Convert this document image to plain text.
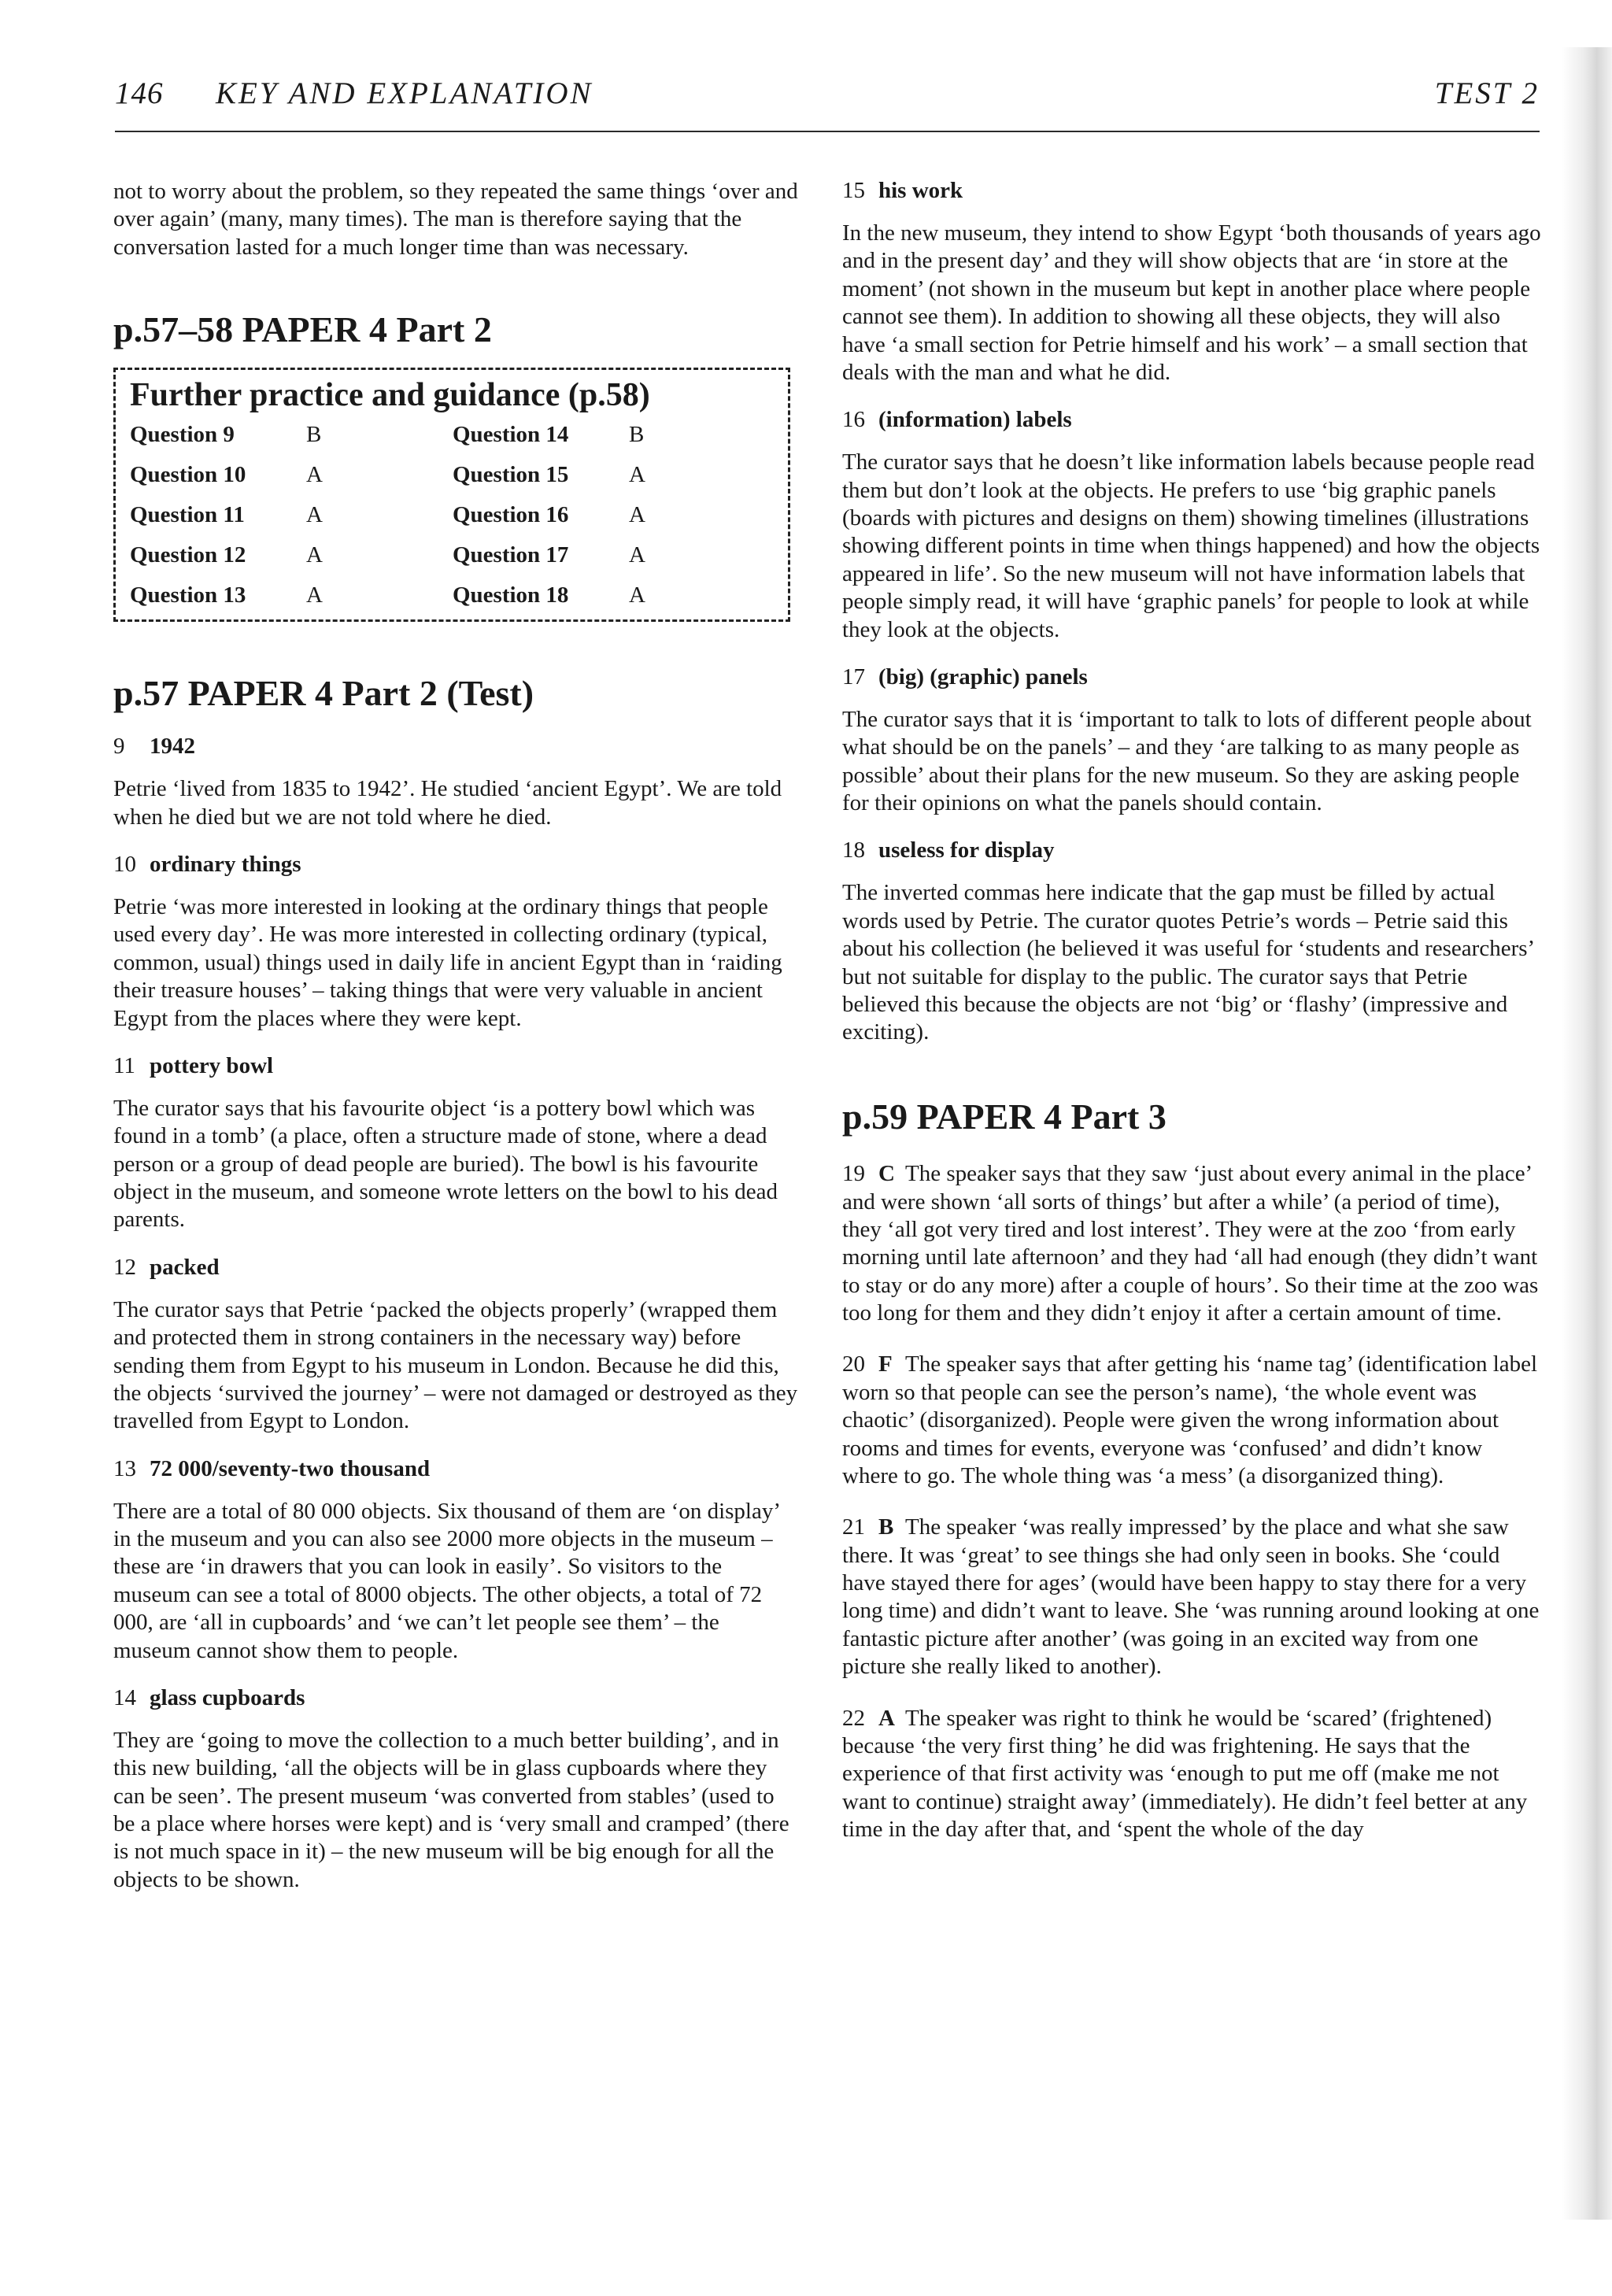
146 KEY AND EXPLANATION	TEST 2

not to worry about the problem, so they repeated the same things ‘over and over again’ (many, many times). The man is therefore saying that the conversation lasted for a much longer time than was necessary.

p.57–58 PAPER 4 Part 2
Further practice and guidance (p.58)
Question 9	B	Question 14	B
Question 10	A	Question 15	A
Question 11	A	Question 16	A
Question 12	A	Question 17	A
Question 13	A	Question 18	A
p.57 PAPER 4 Part 2 (Test)
9 1942

Petrie ‘lived from 1835 to 1942’. He studied ‘ancient Egypt’. We are told when he died but we are not told where he died.

10 ordinary things

Petrie ‘was more interested in looking at the ordinary things that people used every day’. He was more interested in collecting ordinary (typical, common, usual) things used in daily life in ancient Egypt than in ‘raiding their treasure houses’ – taking things that were very valuable in ancient Egypt from the places where they were kept.

11 pottery bowl

The curator says that his favourite object ‘is a pottery bowl which was found in a tomb’ (a place, often a structure made of stone, where a dead person or a group of dead people are buried). The bowl is his favourite object in the museum, and someone wrote letters on the bowl to his dead parents.

12 packed

The curator says that Petrie ‘packed the objects properly’ (wrapped them and protected them in strong containers in the necessary way) before sending them from Egypt to his museum in London. Because he did this, the objects ‘survived the journey’ – were not damaged or destroyed as they travelled from Egypt to London.

13 72 000/seventy-two thousand

There are a total of 80 000 objects. Six thousand of them are ‘on display’ in the museum and you can also see 2000 more objects in the museum – these are ‘in drawers that you can look in easily’. So visitors to the museum can see a total of 8000 objects. The other objects, a total of 72 000, are ‘all in cupboards’ and ‘we can’t let people see them’ – the museum cannot show them to people.

14 glass cupboards

They are ‘going to move the collection to a much better building’, and in this new building, ‘all the objects will be in glass cupboards where they can be seen’. The present museum ‘was converted from stables’ (used to be a place where horses were kept) and is ‘very small and cramped’ (there is not much space in it) – the new museum will be big enough for all the objects to be shown.

15 his work

In the new museum, they intend to show Egypt ‘both thousands of years ago and in the present day’ and they will show objects that are ‘in store at the moment’ (not shown in the museum but kept in another place where people cannot see them). In addition to showing all these objects, they will also have ‘a small section for Petrie himself and his work’ – a small section that deals with the man and what he did.

16 (information) labels

The curator says that he doesn’t like information labels because people read them but don’t look at the objects. He prefers to use ‘big graphic panels (boards with pictures and designs on them) showing timelines (illustrations showing different points in time when things happened) and how the objects appeared in life’. So the new museum will not have information labels that people simply read, it will have ‘graphic panels’ for people to look at while they look at the objects.

17 (big) (graphic) panels

The curator says that it is ‘important to talk to lots of different people about what should be on the panels’ – and they ‘are talking to as many people as possible’ about their plans for the new museum. So they are asking people for their opinions on what the panels should contain.

18 useless for display

The inverted commas here indicate that the gap must be filled by actual words used by Petrie. The curator quotes Petrie’s words – Petrie said this about his collection (he believed it was useful for ‘students and researchers’ but not suitable for display to the public. The curator says that Petrie believed this because the objects are not ‘big’ or ‘flashy’ (impressive and exciting).

p.59 PAPER 4 Part 3

19 C The speaker says that they saw ‘just about every animal in the place’ and were shown ‘all sorts of things’ but after a while’ (a period of time), they ‘all got very tired and lost interest’. They were at the zoo ‘from early morning until late afternoon’ and they had ‘all had enough (they didn’t want to stay or do any more) after a couple of hours’. So their time at the zoo was too long for them and they didn’t enjoy it after a certain amount of time.

20 F The speaker says that after getting his ‘name tag’ (identification label worn so that people can see the person’s name), ‘the whole event was chaotic’ (disorganized). People were given the wrong information about rooms and times for events, everyone was ‘confused’ and didn’t know where to go. The whole thing was ‘a mess’ (a disorganized thing).

21 B The speaker ‘was really impressed’ by the place and what she saw there. It was ‘great’ to see things she had only seen in books. She ‘could have stayed there for ages’ (would have been happy to stay there for a very long time) and didn’t want to leave. She ‘was running around looking at one fantastic picture after another’ (was going in an excited way from one picture she really liked to another).

22 A The speaker was right to think he would be ‘scared’ (frightened) because ‘the very first thing’ he did was frightening. He says that the experience of that first activity was ‘enough to put me off (make me not want to continue) straight away’ (immediately). He didn’t feel better at any time in the day after that, and ‘spent the whole of the day
